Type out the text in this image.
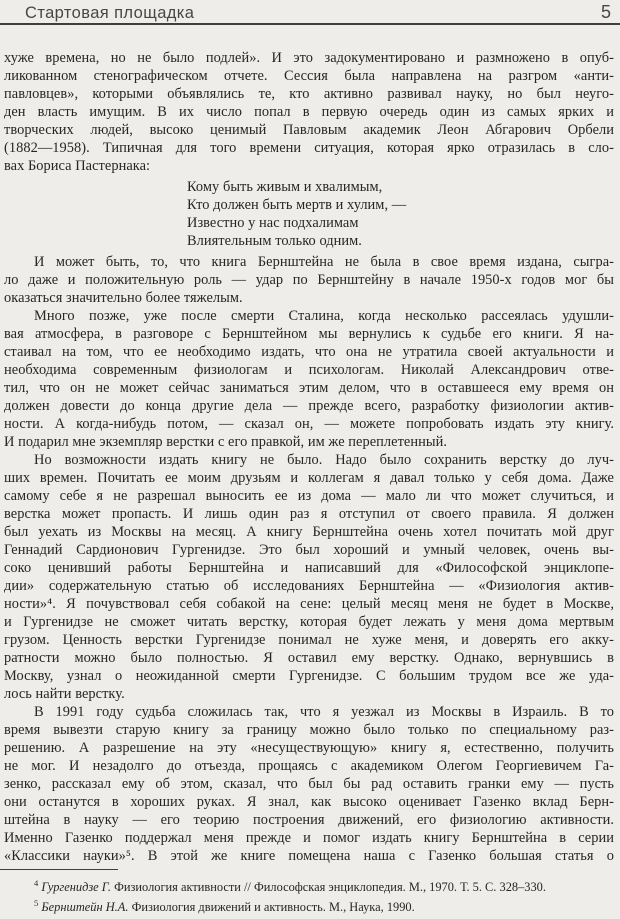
Стартовая площадка	5
хуже времена, но не было подлей». И это задокументировано и размножено в опуб-
ликованном стенографическом отчете. Сессия была направлена на разгром «анти-
павловцев», которыми объявлялись те, кто активно развивал науку, но был неуго-
ден власть имущим. В их число попал в первую очередь один из самых ярких и
творческих людей, высоко ценимый Павловым академик Леон Абгарович Орбели
(1882—1958). Типичная для того времени ситуация, которая ярко отразилась в сло-
вах Бориса Пастернака:
Кому быть живым и хвалимым,
Кто должен быть мертв и хулим, —
Известно у нас подхалимам
Влиятельным только одним.
И может быть, то, что книга Бернштейна не была в свое время издана, сыгра-
ло даже и положительную роль — удар по Бернштейну в начале 1950-х годов мог бы
оказаться значительно более тяжелым.
Много позже, уже после смерти Сталина, когда несколько рассеялась удушли-
вая атмосфера, в разговоре с Бернштейном мы вернулись к судьбе его книги. Я на-
стаивал на том, что ее необходимо издать, что она не утратила своей актуальности и
необходима современным физиологам и психологам. Николай Александрович отве-
тил, что он не может сейчас заниматься этим делом, что в оставшееся ему время он
должен довести до конца другие дела — прежде всего, разработку физиологии актив-
ности. А когда-нибудь потом, — сказал он, — можете попробовать издать эту книгу.
И подарил мне экземпляр верстки с его правкой, им же переплетенный.
Но возможности издать книгу не было. Надо было сохранить верстку до луч-
ших времен. Почитать ее моим друзьям и коллегам я давал только у себя дома. Даже
самому себе я не разрешал выносить ее из дома — мало ли что может случиться, и
верстка может пропасть. И лишь один раз я отступил от своего правила. Я должен
был уехать из Москвы на месяц. А книгу Бернштейна очень хотел почитать мой друг
Геннадий Сардионович Гургенидзе. Это был хороший и умный человек, очень вы-
соко ценивший работы Бернштейна и написавший для «Философской энциклопе-
дии» содержательную статью об исследованиях Бернштейна — «Физиология актив-
ности»⁴. Я почувствовал себя собакой на сене: целый месяц меня не будет в Москве,
и Гургенидзе не сможет читать верстку, которая будет лежать у меня дома мертвым
грузом. Ценность верстки Гургенидзе понимал не хуже меня, и доверять его акку-
ратности можно было полностью. Я оставил ему верстку. Однако, вернувшись в
Москву, узнал о неожиданной смерти Гургенидзе. С большим трудом все же уда-
лось найти верстку.
В 1991 году судьба сложилась так, что я уезжал из Москвы в Израиль. В то
время вывезти старую книгу за границу можно было только по специальному раз-
решению. А разрешение на эту «несуществующую» книгу я, естественно, получить
не мог. И незадолго до отъезда, прощаясь с академиком Олегом Георгиевичем Га-
зенко, рассказал ему об этом, сказал, что был бы рад оставить гранки ему — пусть
они останутся в хороших руках. Я знал, как высоко оценивает Газенко вклад Берн-
штейна в науку — его теорию построения движений, его физиологию активности.
Именно Газенко поддержал меня прежде и помог издать книгу Бернштейна в серии
«Классики науки»⁵. В этой же книге помещена наша с Газенко большая статья о
$^4$ Гургенидзе Г. Физиология активности // Философская энциклопедия. М., 1970. Т. 5. С. 328–330.
$^5$ Бернштейн Н.А. Физиология движений и активность. М., Наука, 1990.
